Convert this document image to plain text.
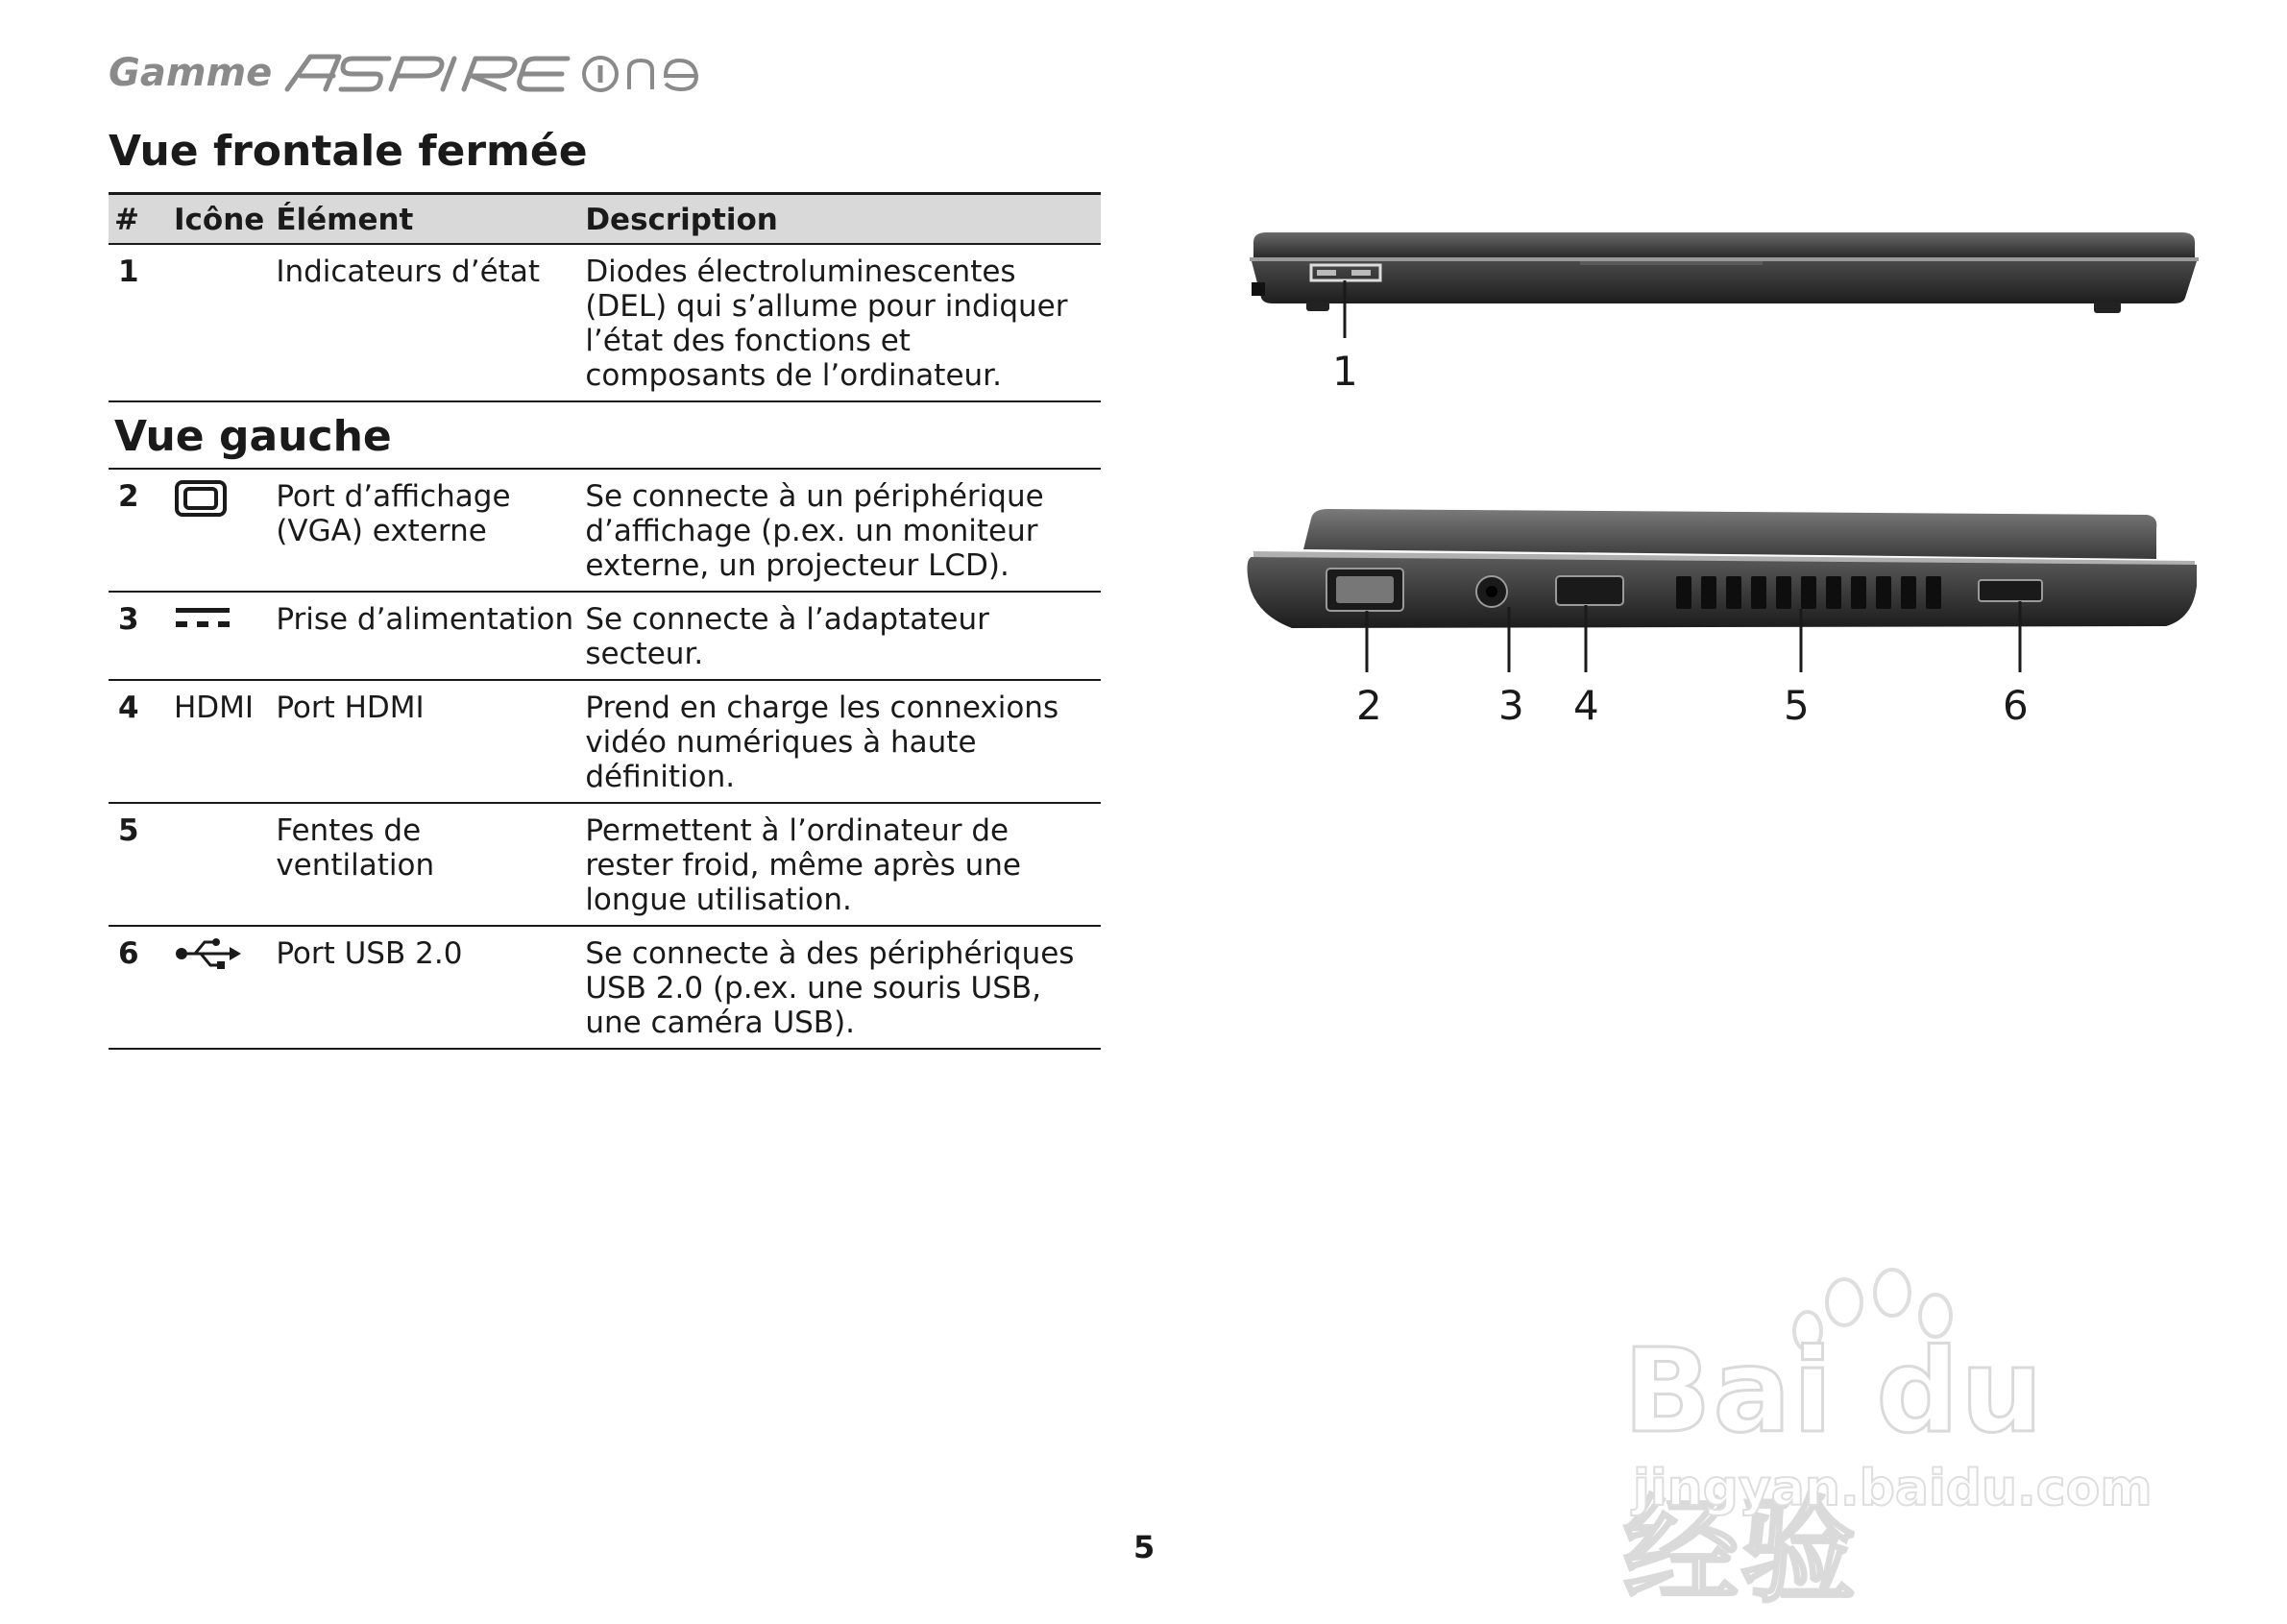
Gamme
Vue frontale fermée
#	Icône	Élément	Description
1		Indicateurs d’état	Diodes électroluminescentes (DEL) qui s’allume pour indiquer l’état des fonctions et composants de l’ordinateur.
Vue gauche			
2		Port d’affichage (VGA) externe	Se connecte à un périphérique d’affichage (p.ex. un moniteur externe, un projecteur LCD).
3		Prise d’alimentation	Se connecte à l’adaptateur secteur.
4	HDMI	Port HDMI	Prend en charge les connexions vidéo numériques à haute définition.
5		Fentes de ventilation	Permettent à l’ordinateur de rester froid, même après une longue utilisation.
6		Port USB 2.0	Se connecte à des périphériques USB 2.0 (p.ex. une souris USB, une caméra USB).
1
2	3 4	5	6
Bai du 经验
jingyan.baidu.com
5
